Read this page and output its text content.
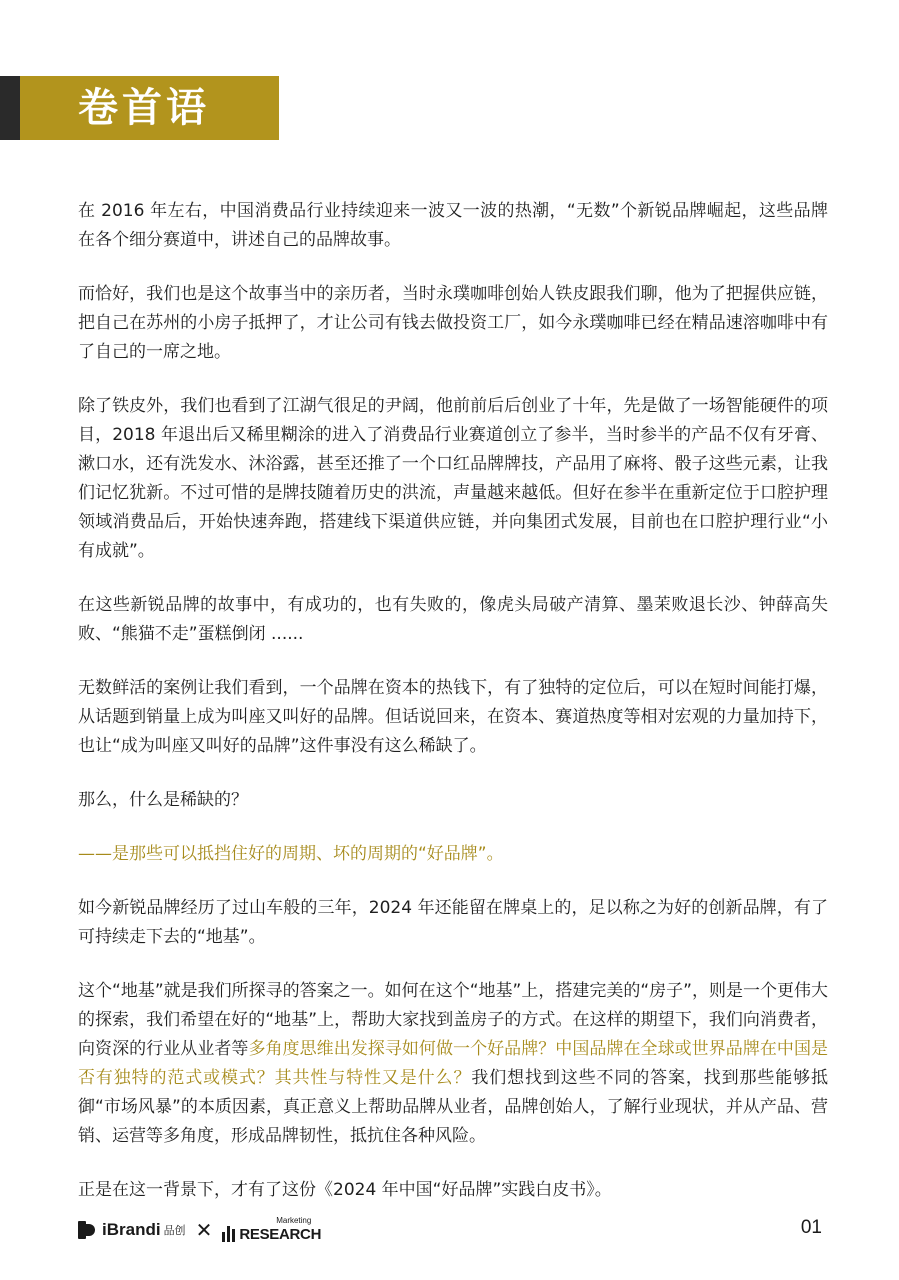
卷首语

在 2016 年左右，中国消费品行业持续迎来一波又一波的热潮，“无数”个新锐品牌崛起，这些品牌在各个细分赛道中，讲述自己的品牌故事。

而恰好，我们也是这个故事当中的亲历者，当时永璞咖啡创始人铁皮跟我们聊，他为了把握供应链，把自己在苏州的小房子抵押了，才让公司有钱去做投资工厂，如今永璞咖啡已经在精品速溶咖啡中有了自己的一席之地。

除了铁皮外，我们也看到了江湖气很足的尹阔，他前前后后创业了十年，先是做了一场智能硬件的项目，2018 年退出后又稀里糊涂的进入了消费品行业赛道创立了参半，当时参半的产品不仅有牙膏、漱口水，还有洗发水、沐浴露，甚至还推了一个口红品牌牌技，产品用了麻将、骰子这些元素，让我们记忆犹新。不过可惜的是牌技随着历史的洪流，声量越来越低。但好在参半在重新定位于口腔护理领域消费品后，开始快速奔跑，搭建线下渠道供应链，并向集团式发展，目前也在口腔护理行业“小有成就”。

在这些新锐品牌的故事中，有成功的，也有失败的，像虎头局破产清算、墨茉败退长沙、钟薛高失败、“熊猫不走”蛋糕倒闭 ......

无数鲜活的案例让我们看到，一个品牌在资本的热钱下，有了独特的定位后，可以在短时间能打爆，从话题到销量上成为叫座又叫好的品牌。但话说回来，在资本、赛道热度等相对宏观的力量加持下，也让“成为叫座又叫好的品牌”这件事没有这么稀缺了。

那么，什么是稀缺的？

——是那些可以抵挡住好的周期、坏的周期的“好品牌”。

如今新锐品牌经历了过山车般的三年，2024 年还能留在牌桌上的，足以称之为好的创新品牌，有了可持续走下去的“地基”。

这个“地基”就是我们所探寻的答案之一。如何在这个“地基”上，搭建完美的“房子”，则是一个更伟大的探索，我们希望在好的“地基”上，帮助大家找到盖房子的方式。在这样的期望下，我们向消费者，向资深的行业从业者等多角度思维出发探寻如何做一个好品牌？中国品牌在全球或世界品牌在中国是否有独特的范式或模式？其共性与特性又是什么？我们想找到这些不同的答案，找到那些能够抵御“市场风暴”的本质因素，真正意义上帮助品牌从业者，品牌创始人，了解行业现状，并从产品、营销、运营等多角度，形成品牌韧性，抵抗住各种风险。

正是在这一背景下，才有了这份《2024 年中国“好品牌”实践白皮书》。

iBrandi 品创 ✕	Marketing
RESEARCH	01
